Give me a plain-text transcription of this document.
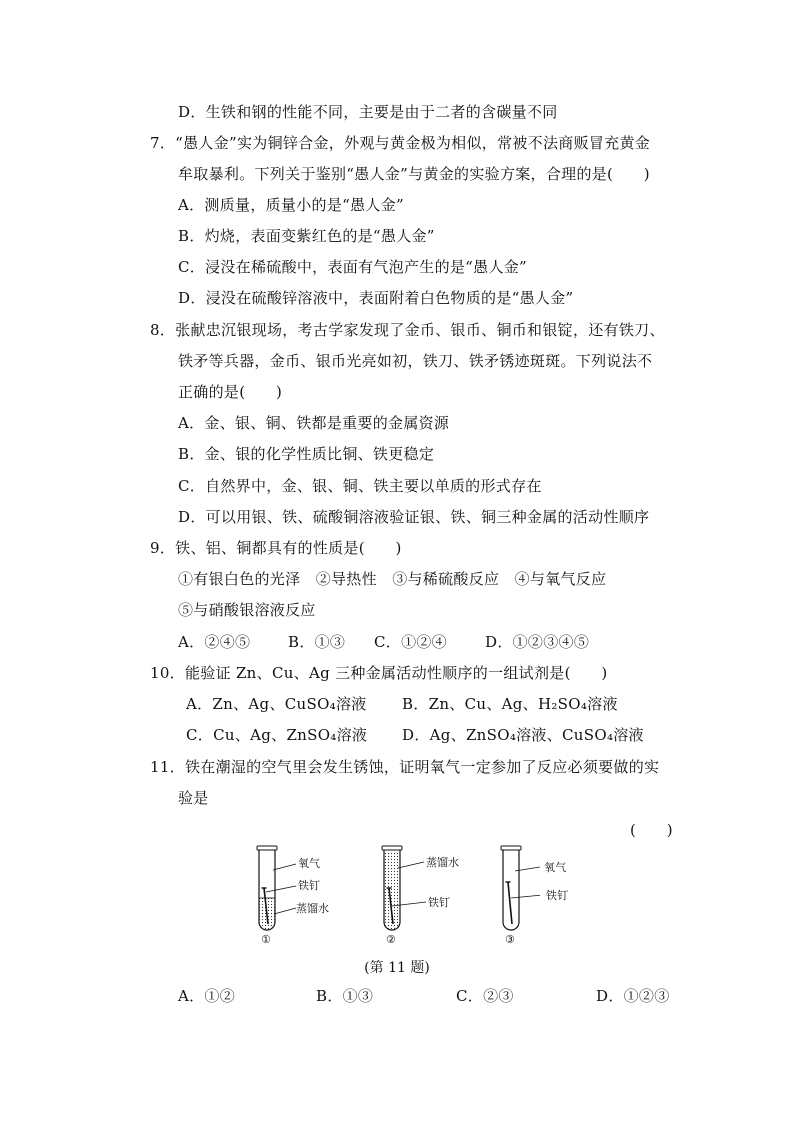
D．生铁和钢的性能不同，主要是由于二者的含碳量不同
7．“愚人金”实为铜锌合金，外观与黄金极为相似，常被不法商贩冒充黄金
牟取暴利。下列关于鉴别“愚人金”与黄金的实验方案，合理的是(　　)
A．测质量，质量小的是“愚人金”
B．灼烧，表面变紫红色的是“愚人金”
C．浸没在稀硫酸中，表面有气泡产生的是“愚人金”
D．浸没在硫酸锌溶液中，表面附着白色物质的是“愚人金”
8．张献忠沉银现场，考古学家发现了金币、银币、铜币和银锭，还有铁刀、
铁矛等兵器，金币、银币光亮如初，铁刀、铁矛锈迹斑斑。下列说法不
正确的是(　　)
A．金、银、铜、铁都是重要的金属资源
B．金、银的化学性质比铜、铁更稳定
C．自然界中，金、银、铜、铁主要以单质的形式存在
D．可以用银、铁、硫酸铜溶液验证银、铁、铜三种金属的活动性顺序
9．铁、铝、铜都具有的性质是(　　)
①有银白色的光泽　②导热性　③与稀硫酸反应　④与氧气反应
⑤与硝酸银溶液反应
A．②④⑤	B．①③ C．①②④	D．①②③④⑤
10．能验证 Zn、Cu、Ag 三种金属活动性顺序的一组试剂是(　　)
A．Zn、Ag、CuSO₄溶液 B．Zn、Cu、Ag、H₂SO₄溶液
C．Cu、Ag、ZnSO₄溶液 D．Ag、ZnSO₄溶液、CuSO₄溶液
11．铁在潮湿的空气里会发生锈蚀，证明氧气一定参加了反应必须要做的实
验是
(　　)
氧气
铁钉
蒸馏水
①
蒸馏水
铁钉
②	③
氧气
铁钉
(第 11 题)
A．①②	B．①③	C．②③	D．①②③
